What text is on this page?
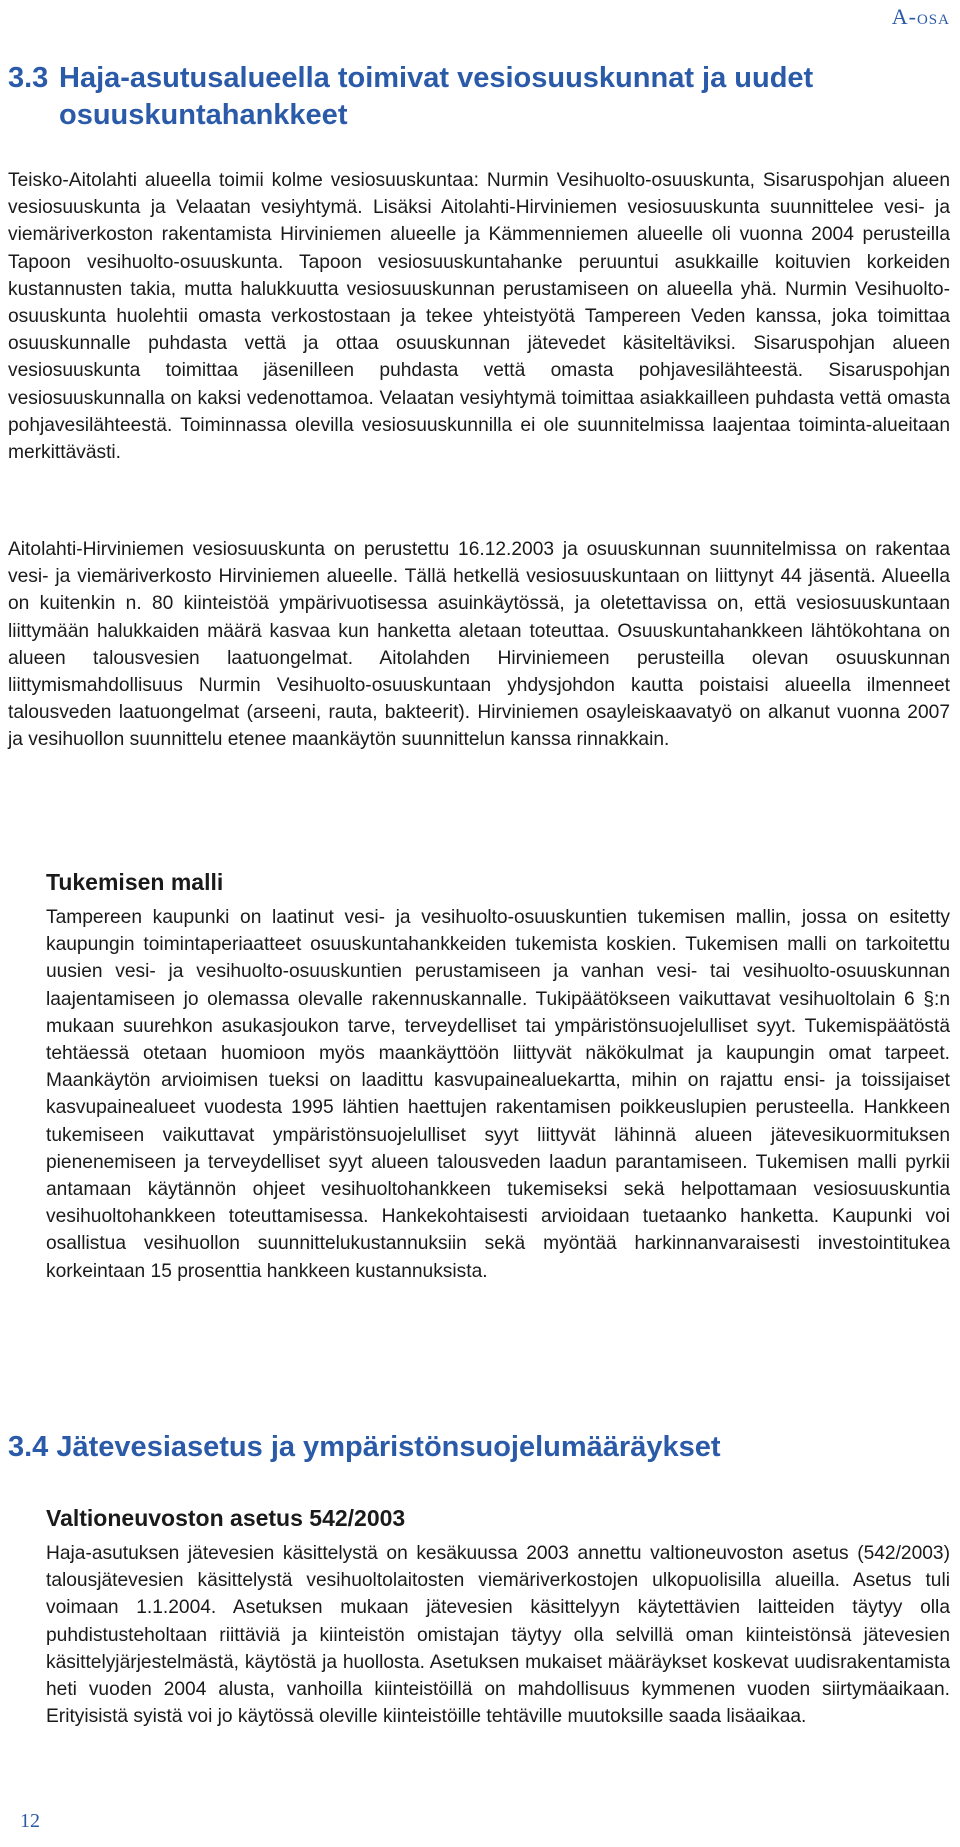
A-osa
3.3 Haja-asutusalueella toimivat vesiosuuskunnat ja uudet
osuuskuntahankkeet

Teisko-Aitolahti alueella toimii kolme vesiosuuskuntaa: Nurmin Vesihuolto-osuuskunta, Sisaruspohjan alueen vesiosuuskunta ja Velaatan vesiyhtymä. Lisäksi Aitolahti-Hirviniemen vesiosuuskunta suunnittelee vesi- ja viemäriverkoston rakentamista Hirviniemen alueelle ja Kämmenniemen alueelle oli vuonna 2004 perusteilla Tapoon vesihuolto-osuuskunta. Tapoon vesiosuuskuntahanke peruuntui asukkaille koituvien korkeiden kustannusten takia, mutta halukkuutta vesiosuuskunnan perustamiseen on alueella yhä. Nurmin Vesihuolto-osuuskunta huolehtii omasta verkostostaan ja tekee yhteistyötä Tampereen Veden kanssa, joka toimittaa osuuskunnalle puhdasta vettä ja ottaa osuuskunnan jätevedet käsiteltäviksi. Sisaruspohjan alueen vesiosuuskunta toimittaa jäsenilleen puhdasta vettä omasta pohjavesilähteestä. Sisaruspohjan vesiosuuskunnalla on kaksi vedenottamoa. Velaatan vesiyhtymä toimittaa asiakkailleen puhdasta vettä omasta pohjavesilähteestä. Toiminnassa olevilla vesiosuuskunnilla ei ole suunnitelmissa laajentaa toiminta-alueitaan merkittävästi.

Aitolahti-Hirviniemen vesiosuuskunta on perustettu 16.12.2003 ja osuuskunnan suunnitelmissa on rakentaa vesi- ja viemäriverkosto Hirviniemen alueelle. Tällä hetkellä vesiosuuskuntaan on liittynyt 44 jäsentä. Alueella on kuitenkin n. 80 kiinteistöä ympärivuotisessa asuinkäytössä, ja oletettavissa on, että vesiosuuskuntaan liittymään halukkaiden määrä kasvaa kun hanketta aletaan toteuttaa. Osuuskuntahankkeen lähtökohtana on alueen talousvesien laatuongelmat. Aitolahden Hirviniemeen perusteilla olevan osuuskunnan liittymismahdollisuus Nurmin Vesihuolto-osuuskuntaan yhdysjohdon kautta poistaisi alueella ilmenneet talousveden laatuongelmat (arseeni, rauta, bakteerit). Hirviniemen osayleiskaavatyö on alkanut vuonna 2007 ja vesihuollon suunnittelu etenee maankäytön suunnittelun kanssa rinnakkain.

Tukemisen malli

Tampereen kaupunki on laatinut vesi- ja vesihuolto-osuuskuntien tukemisen mallin, jossa on esitetty kaupungin toimintaperiaatteet osuuskuntahankkeiden tukemista koskien. Tukemisen malli on tarkoitettu uusien vesi- ja vesihuolto-osuuskuntien perustamiseen ja vanhan vesi- tai vesihuolto-osuuskunnan laajentamiseen jo olemassa olevalle rakennuskannalle. Tukipäätökseen vaikuttavat vesihuoltolain 6 §:n mukaan suurehkon asukasjoukon tarve, terveydelliset tai ympäristönsuojelulliset syyt. Tukemispäätöstä tehtäessä otetaan huomioon myös maankäyttöön liittyvät näkökulmat ja kaupungin omat tarpeet. Maankäytön arvioimisen tueksi on laadittu kasvupainealuekartta, mihin on rajattu ensi- ja toissijaiset kasvupainealueet vuodesta 1995 lähtien haettujen rakentamisen poikkeuslupien perusteella. Hankkeen tukemiseen vaikuttavat ympäristönsuojelulliset syyt liittyvät lähinnä alueen jätevesikuormituksen pienenemiseen ja terveydelliset syyt alueen talousveden laadun parantamiseen. Tukemisen malli pyrkii antamaan käytännön ohjeet vesihuoltohankkeen tukemiseksi sekä helpottamaan vesiosuuskuntia vesihuoltohankkeen toteuttamisessa. Hankekohtaisesti arvioidaan tuetaanko hanketta. Kaupunki voi osallistua vesihuollon suunnittelukustannuksiin sekä myöntää harkinnanvaraisesti investointitukea korkeintaan 15 prosenttia hankkeen kustannuksista.

3.4 Jätevesiasetus ja ympäristönsuojelumääräykset
Valtioneuvoston asetus 542/2003

Haja-asutuksen jätevesien käsittelystä on kesäkuussa 2003 annettu valtioneuvoston asetus (542/2003) talousjätevesien käsittelystä vesihuoltolaitosten viemäriverkostojen ulkopuolisilla alueilla. Asetus tuli voimaan 1.1.2004. Asetuksen mukaan jätevesien käsittelyyn käytettävien laitteiden täytyy olla puhdistusteholtaan riittäviä ja kiinteistön omistajan täytyy olla selvillä oman kiinteistönsä jätevesien käsittelyjärjestelmästä, käytöstä ja huollosta. Asetuksen mukaiset määräykset koskevat uudisrakentamista heti vuoden 2004 alusta, vanhoilla kiinteistöillä on mahdollisuus kymmenen vuoden siirtymäaikaan. Erityisistä syistä voi jo käytössä oleville kiinteistöille tehtäville muutoksille saada lisäaikaa.

12
